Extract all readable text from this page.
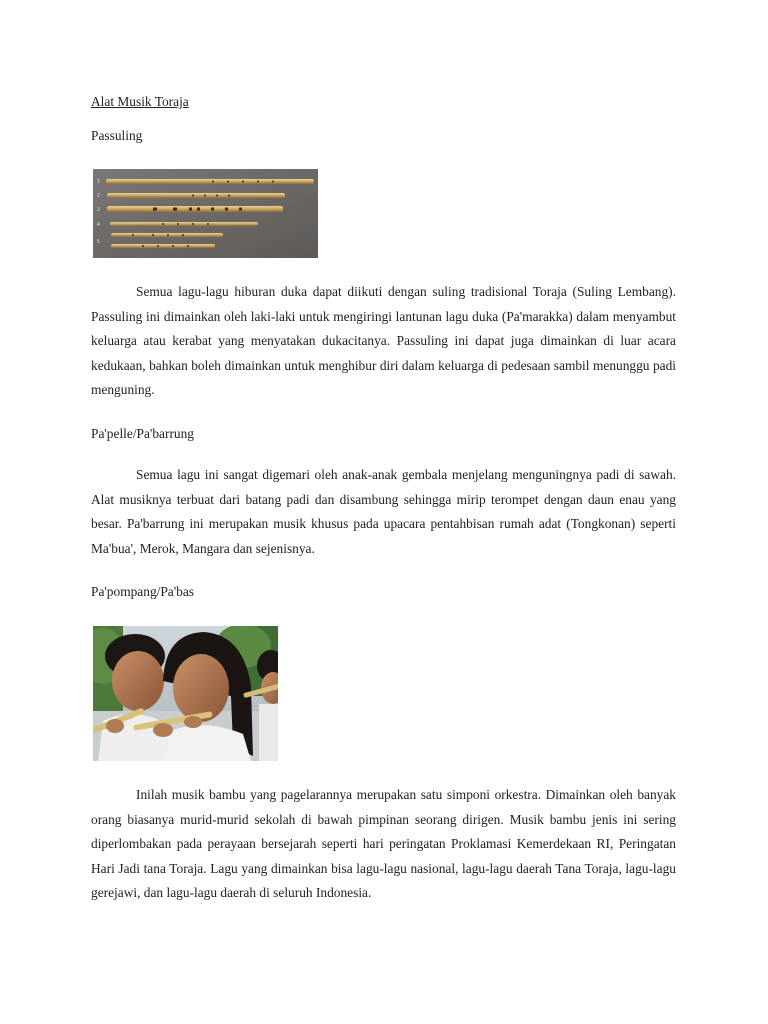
Alat Musik Toraja
Passuling
1
2
3
4
5

Semua lagu-lagu hiburan duka dapat diikuti dengan suling tradisional Toraja (Suling Lembang). Passuling ini dimainkan oleh laki-laki untuk mengiringi lantunan lagu duka (Pa'marakka) dalam menyambut keluarga atau kerabat yang menyatakan dukacitanya. Passuling ini dapat juga dimainkan di luar acara kedukaan, bahkan boleh dimainkan untuk menghibur diri dalam keluarga di pedesaan sambil menunggu padi menguning.

Pa'pelle/Pa'barrung

Semua lagu ini sangat digemari oleh anak-anak gembala menjelang menguningnya padi di sawah. Alat musiknya terbuat dari batang padi dan disambung sehingga mirip terompet dengan daun enau yang besar. Pa'barrung ini merupakan musik khusus pada upacara pentahbisan rumah adat (Tongkonan) seperti Ma'bua', Merok, Mangara dan sejenisnya.

Pa'pompang/Pa'bas

Inilah musik bambu yang pagelarannya merupakan satu simponi orkestra. Dimainkan oleh banyak orang biasanya murid-murid sekolah di bawah pimpinan seorang dirigen. Musik bambu jenis ini sering diperlombakan pada perayaan bersejarah seperti hari peringatan Proklamasi Kemerdekaan RI, Peringatan Hari Jadi tana Toraja. Lagu yang dimainkan bisa lagu-lagu nasional, lagu-lagu daerah Tana Toraja, lagu-lagu gerejawi, dan lagu-lagu daerah di seluruh Indonesia.
